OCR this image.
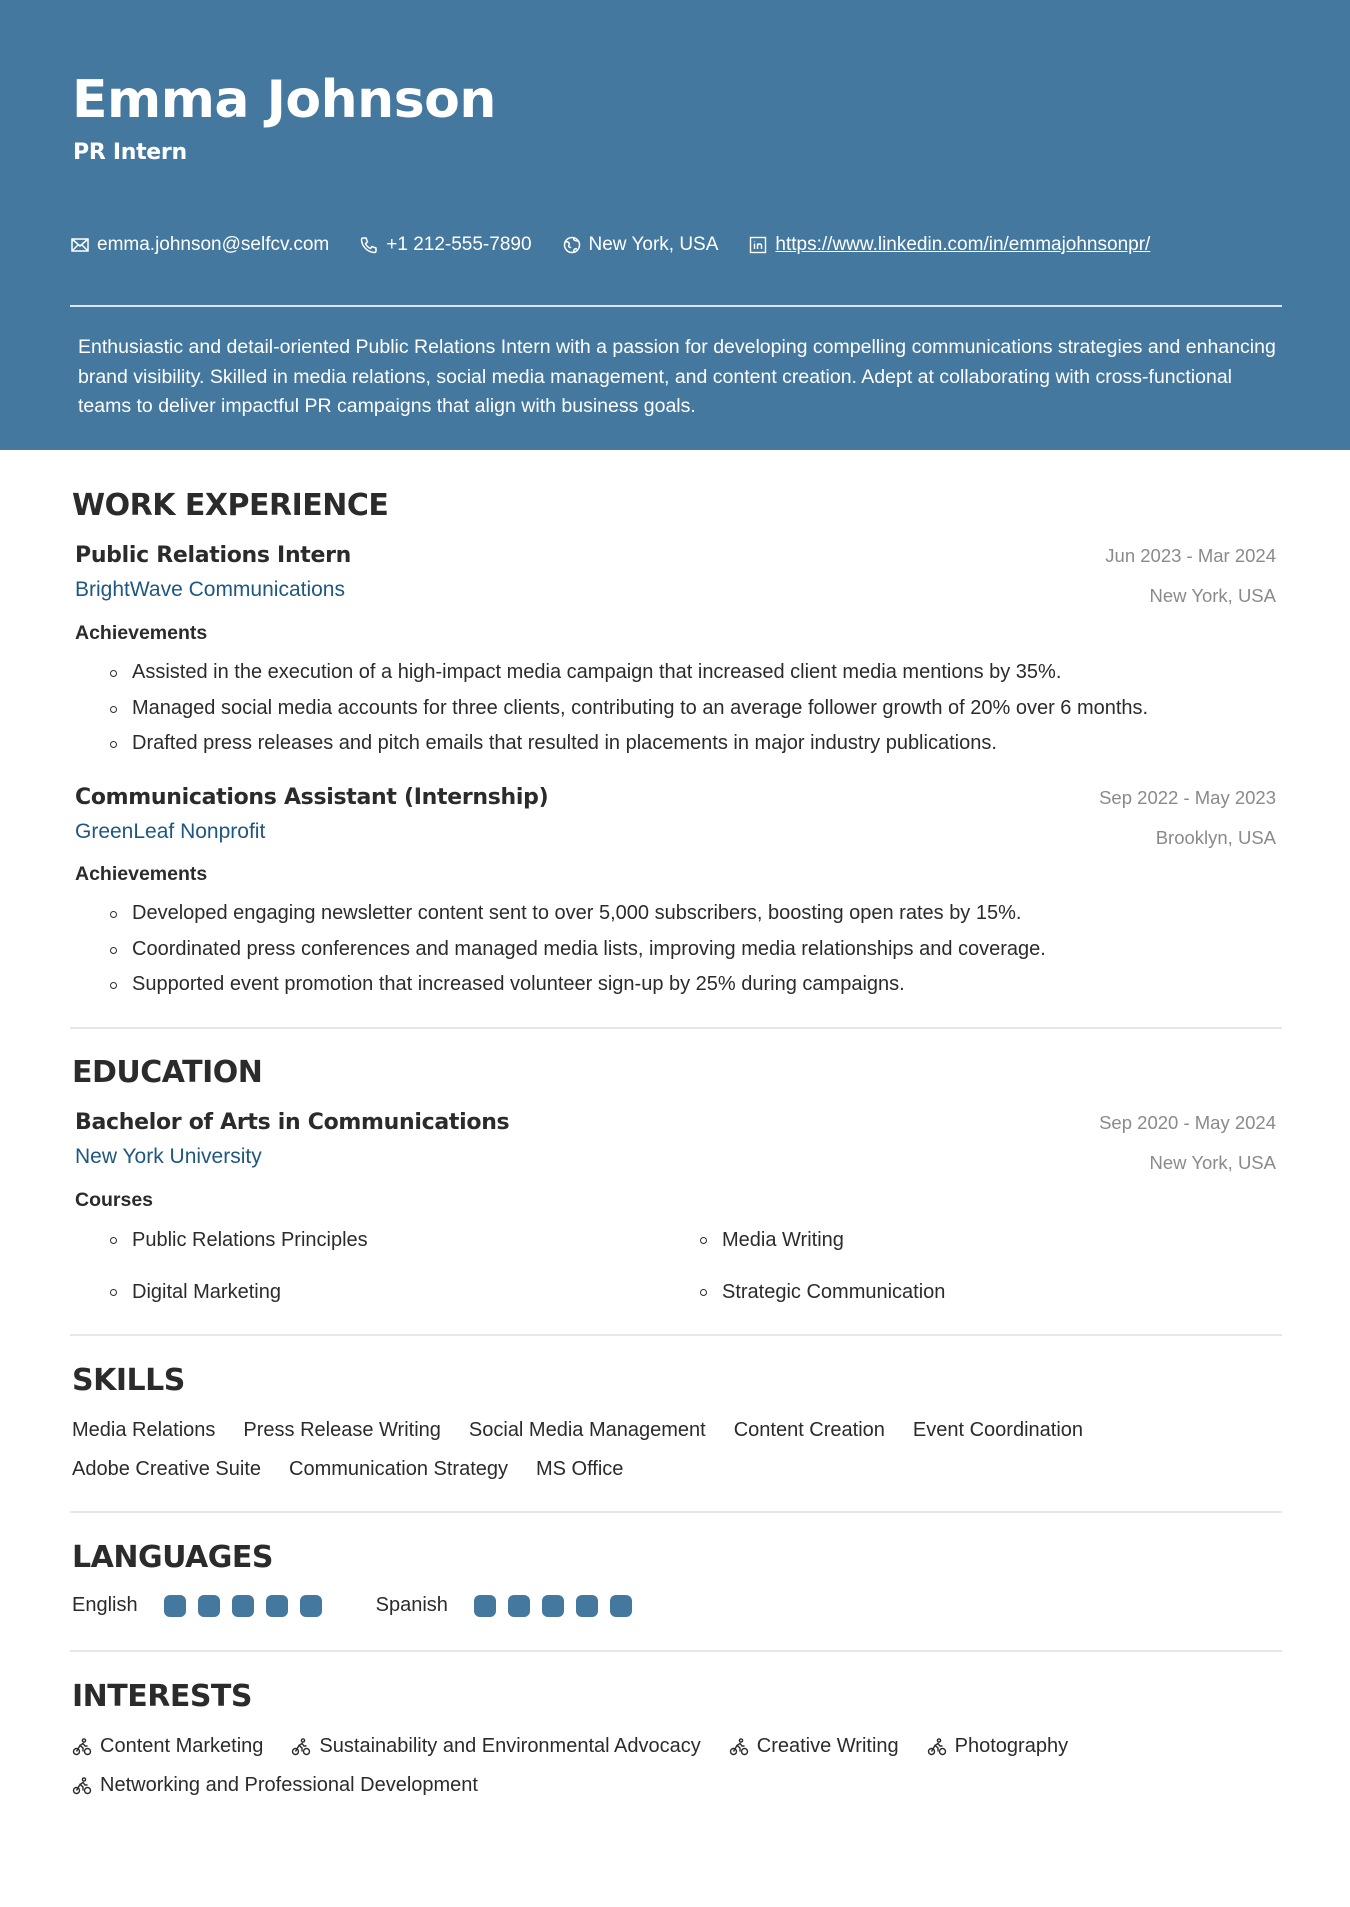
Emma Johnson
PR Intern
emma.johnson@selfcv.com	+1 212-555-7890	New York, USA	https://www.linkedin.com/in/emmajohnsonpr/

Enthusiastic and detail-oriented Public Relations Intern with a passion for developing compelling communications strategies and enhancing brand visibility. Skilled in media relations, social media management, and content creation. Adept at collaborating with cross-functional teams to deliver impactful PR campaigns that align with business goals.

WORK EXPERIENCE
Public Relations Intern	Jun 2023 - Mar 2024
BrightWave Communications	New York, USA
Achievements
Assisted in the execution of a high-impact media campaign that increased client media mentions by 35%.
Managed social media accounts for three clients, contributing to an average follower growth of 20% over 6 months.
Drafted press releases and pitch emails that resulted in placements in major industry publications.
Communications Assistant (Internship)	Sep 2022 - May 2023
GreenLeaf Nonprofit	Brooklyn, USA
Achievements
Developed engaging newsletter content sent to over 5,000 subscribers, boosting open rates by 15%.
Coordinated press conferences and managed media lists, improving media relationships and coverage.
Supported event promotion that increased volunteer sign-up by 25% during campaigns.
EDUCATION
Bachelor of Arts in Communications	Sep 2020 - May 2024
New York University	New York, USA
Courses
Public Relations Principles	Media Writing
Digital Marketing	Strategic Communication
SKILLS
Media Relations Press Release Writing Social Media Management Content Creation Event Coordination
Adobe Creative Suite Communication Strategy MS Office
LANGUAGES
English	Spanish
INTERESTS
Content Marketing	Sustainability and Environmental Advocacy	Creative Writing	Photography
Networking and Professional Development
